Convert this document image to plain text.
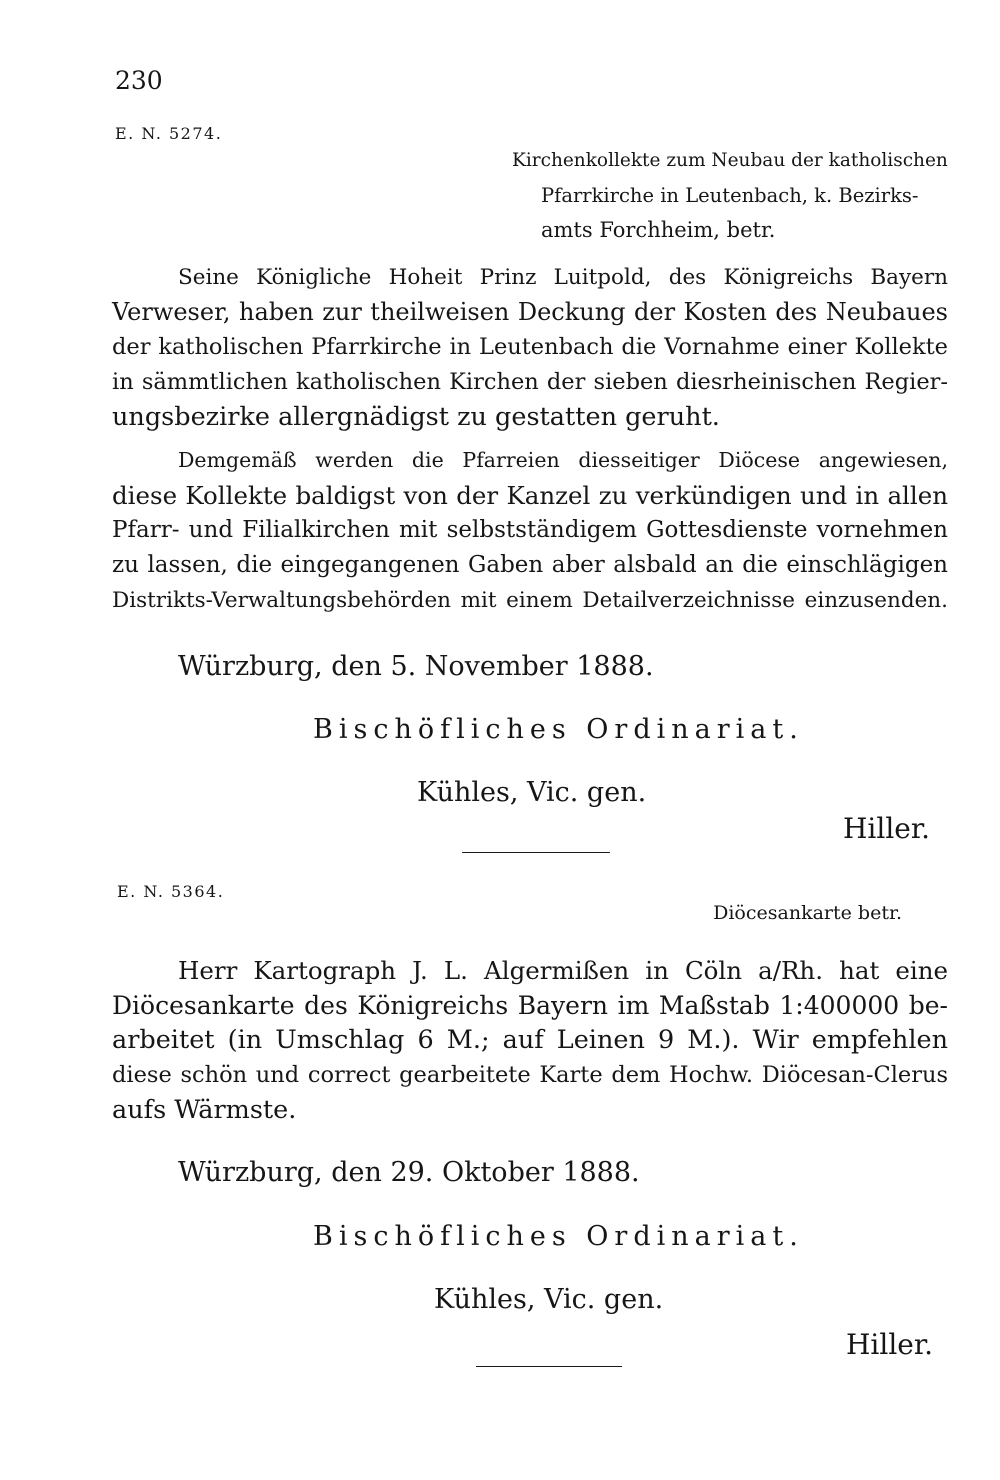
230
E. N. 5274.
Kirchenkollekte zum Neubau der katholischen
Pfarrkirche in Leutenbach, k. Bezirks-
amts Forchheim, betr.
Seine Königliche Hoheit Prinz Luitpold, des Königreichs Bayern
Verweser, haben zur theilweisen Deckung der Kosten des Neubaues
der katholischen Pfarrkirche in Leutenbach die Vornahme einer Kollekte
in sämmtlichen katholischen Kirchen der sieben diesrheinischen Regier-
ungsbezirke allergnädigst zu gestatten geruht.
Demgemäß werden die Pfarreien diesseitiger Diöcese angewiesen,
diese Kollekte baldigst von der Kanzel zu verkündigen und in allen
Pfarr- und Filialkirchen mit selbstständigem Gottesdienste vornehmen
zu lassen, die eingegangenen Gaben aber alsbald an die einschlägigen
Distrikts-Verwaltungsbehörden mit einem Detailverzeichnisse einzusenden.
Würzburg, den 5. November 1888.
Bischöfliches Ordinariat.
Kühles, Vic. gen.
Hiller.
E. N. 5364.
Diöcesankarte betr.
Herr Kartograph J. L. Algermißen in Cöln a/Rh. hat eine
Diöcesankarte des Königreichs Bayern im Maßstab 1:400000 be-
arbeitet (in Umschlag 6 M.; auf Leinen 9 M.). Wir empfehlen
diese schön und correct gearbeitete Karte dem Hochw. Diöcesan-Clerus
aufs Wärmste.
Würzburg, den 29. Oktober 1888.
Bischöfliches Ordinariat.
Kühles, Vic. gen.
Hiller.
